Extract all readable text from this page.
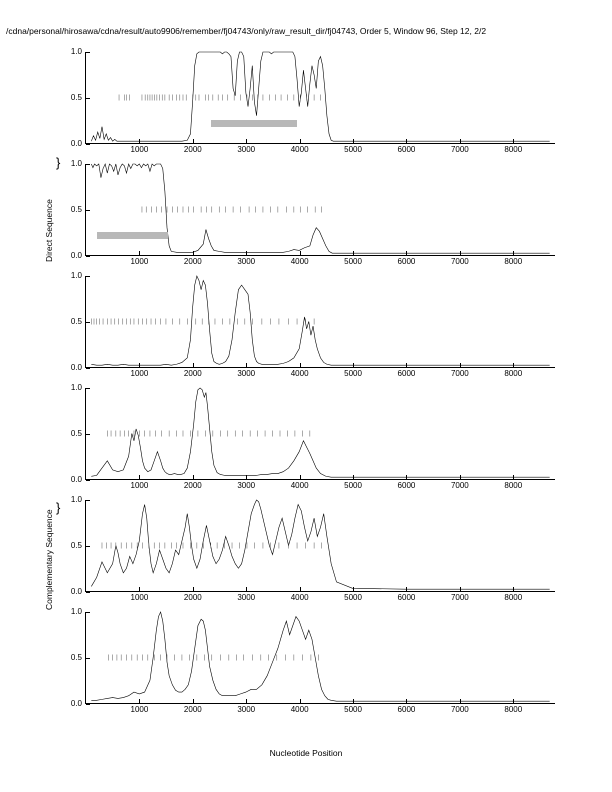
/cdna/personal/hirosawa/cdna/result/auto9906/remember/fj04743/only/raw_result_dir/fj04743, Order 5, Window 96, Step 12, 2/2
0.0
0.5
1.0
1000	2000	3000	4000	5000	6000	7000	8000
0.0
0.5
1.0
1000	2000	3000	4000	5000	6000	7000	8000
0.0
0.5
1.0
1000	2000	3000	4000	5000	6000	7000	8000
0.0
0.5
1.0
1000	2000	3000	4000	5000	6000	7000	8000
0.0
0.5
1.0
1000	2000	3000	4000	5000	6000	7000	8000
0.0
0.5
1.0
1000	2000	3000	4000	5000	6000	7000	8000
Direct Sequence
Complementary Sequence
}
}
Nucleotide Position
